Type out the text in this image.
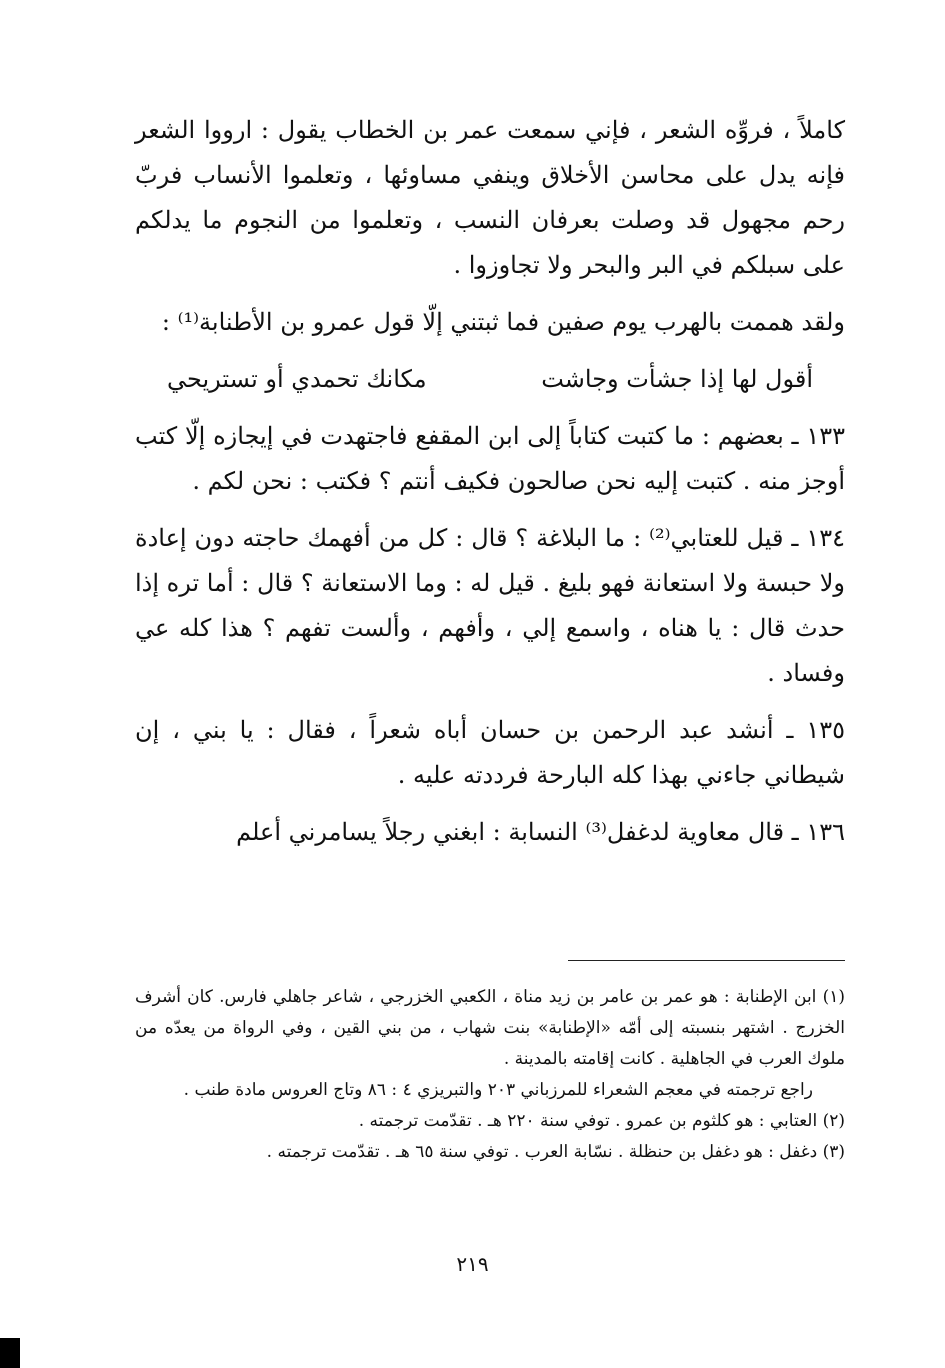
كاملاً ، فروِّه الشعر ، فإني سمعت عمر بن الخطاب يقول : ارووا الشعر فإنه يدل على محاسن الأخلاق وينفي مساوئها ، وتعلموا الأنساب فربّ رحم مجهول قد وصلت بعرفان النسب ، وتعلموا من النجوم ما يدلكم على سبلكم في البر والبحر ولا تجاوزوا .

ولقد هممت بالهرب يوم صفين فما ثبتني إلّا قول عمرو بن الأطنابة⁽¹⁾ :

أقول لها إذا جشأت وجاشت
مكانك تحمدي أو تستريحي

١٣٣ ـ بعضهم : ما كتبت كتاباً إلى ابن المقفع فاجتهدت في إيجازه إلّا كتب أوجز منه . كتبت إليه نحن صالحون فكيف أنتم ؟ فكتب : نحن لكم .

١٣٤ ـ قيل للعتابي⁽²⁾ : ما البلاغة ؟ قال : كل من أفهمك حاجته دون إعادة ولا حبسة ولا استعانة فهو بليغ . قيل له : وما الاستعانة ؟ قال : أما تره إذا حدث قال : يا هناه ، واسمع إلي ، وأفهم ، وألست تفهم ؟ هذا كله عي وفساد .

١٣٥ ـ أنشد عبد الرحمن بن حسان أباه شعراً ، فقال : يا بني ، إن شيطاني جاءني بهذا كله البارحة فرددته عليه .

١٣٦ ـ قال معاوية لدغفل⁽³⁾ النسابة : ابغني رجلاً يسامرني أعلم

(١) ابن الإطنابة : هو عمر بن عامر بن زيد مناة ، الكعبي الخزرجي ، شاعر جاهلي فارس. كان أشرف الخزرج . اشتهر بنسبته إلى أمّه «الإطنابة» بنت شهاب ، من بني القين ، وفي الرواة من يعدّه من ملوك العرب في الجاهلية . كانت إقامته بالمدينة .

راجع ترجمته في معجم الشعراء للمرزباني ٢٠٣ والتبريزي ٤ : ٨٦ وتاج العروس مادة طنب .

(٢) العتابي : هو كلثوم بن عمرو . توفي سنة ٢٢٠ هـ . تقدّمت ترجمته .

(٣) دغفل : هو دغفل بن حنظلة . نسّابة العرب . توفي سنة ٦٥ هـ . تقدّمت ترجمته .

٢١٩
